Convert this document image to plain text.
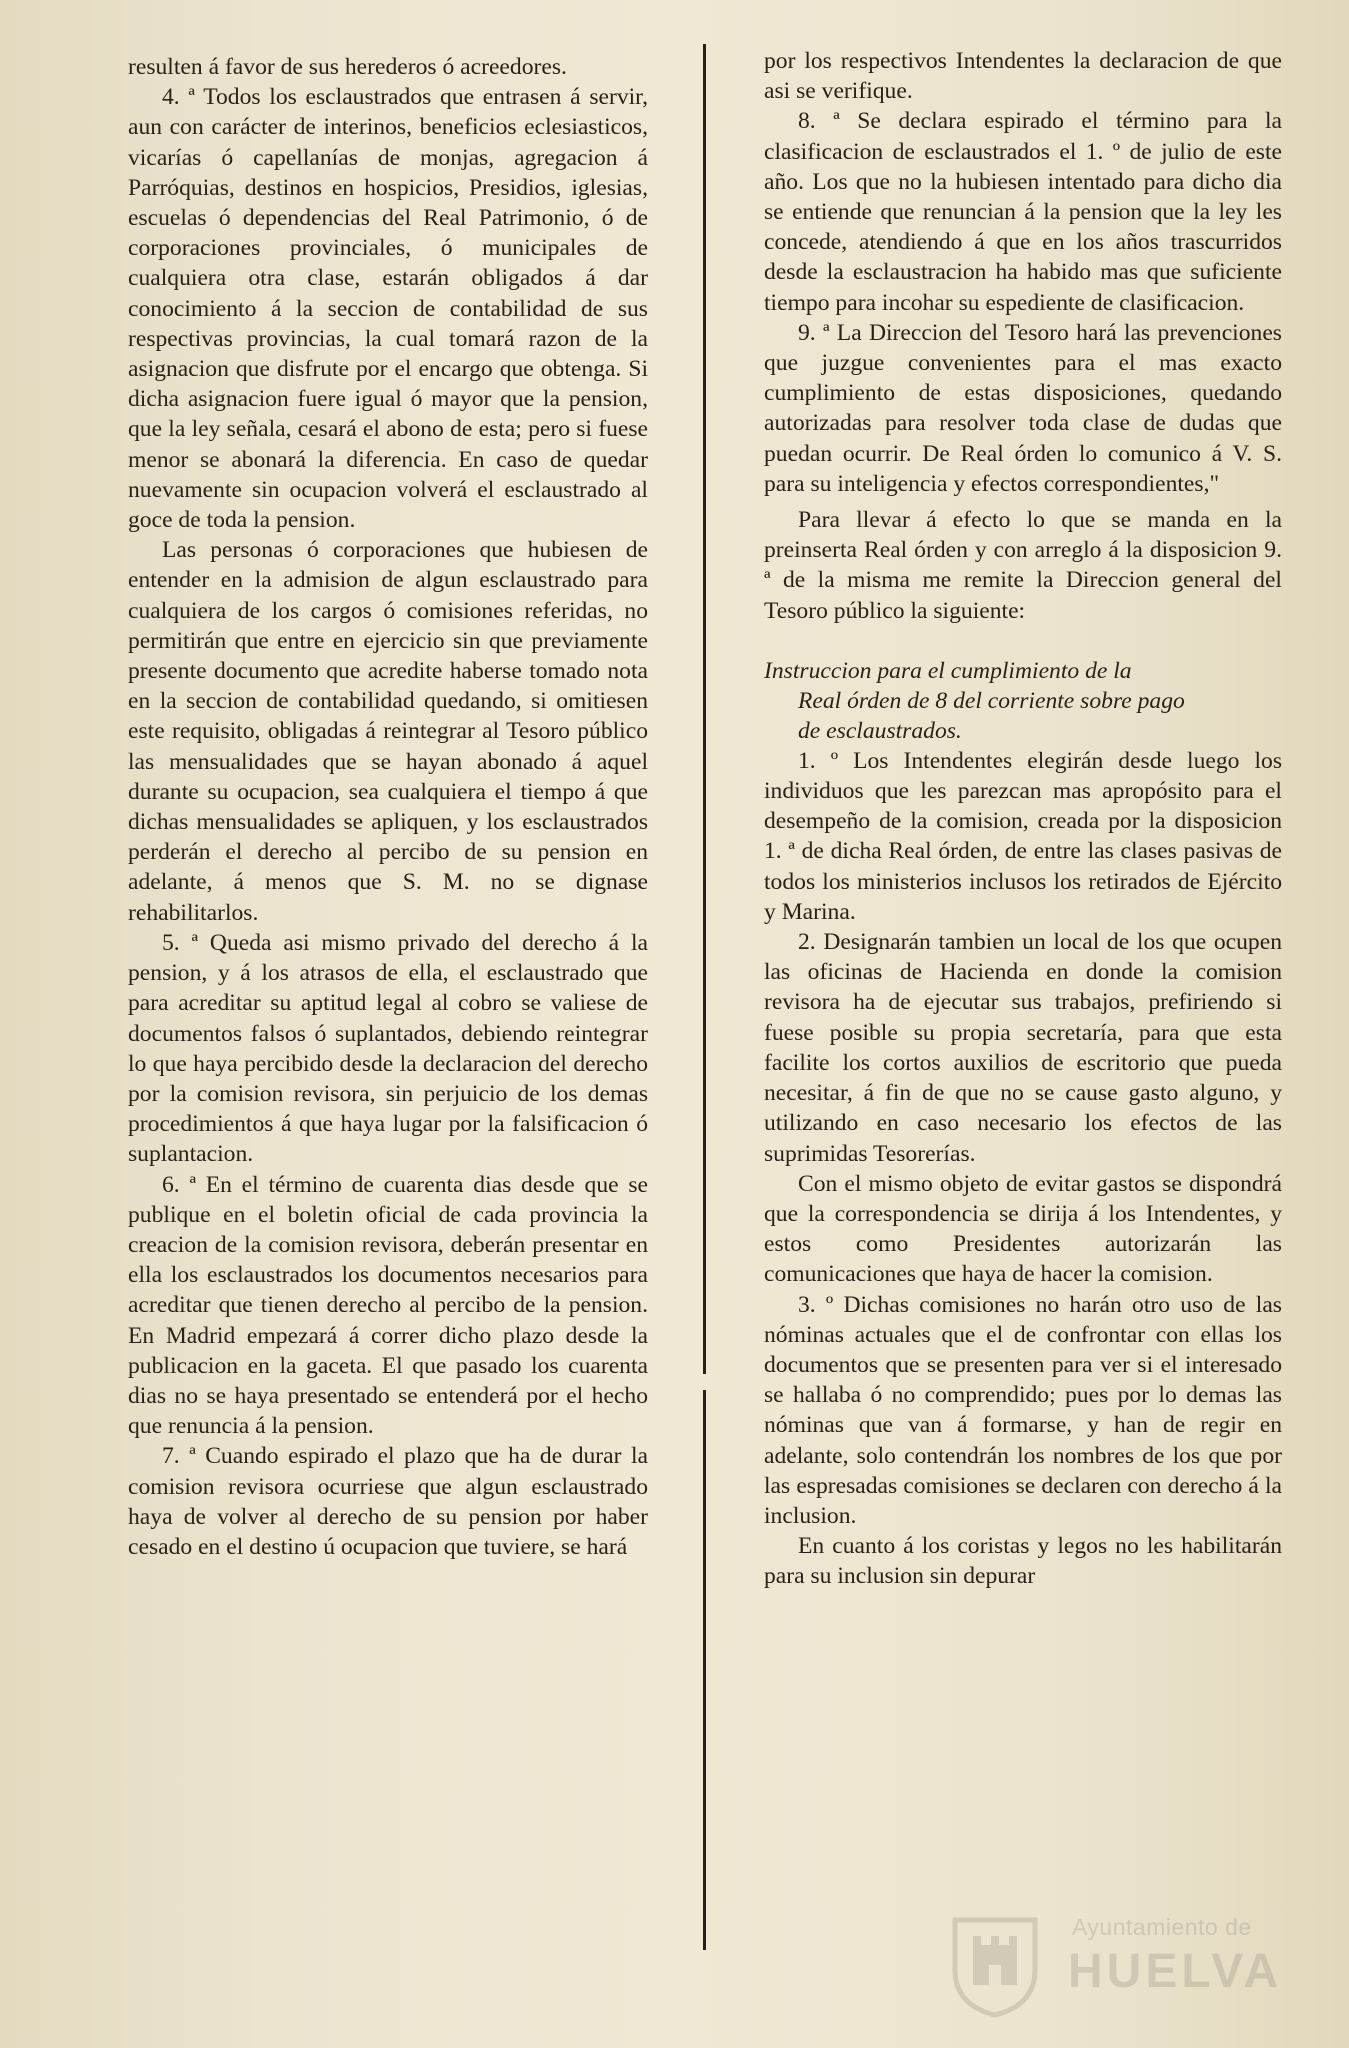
resulten á favor de sus herederos ó acreedores.

4. ª Todos los esclaustrados que entrasen á servir, aun con carácter de interinos, beneficios eclesiasticos, vicarías ó capellanías de monjas, agregacion á Parróquias, destinos en hospicios, Presidios, iglesias, escuelas ó dependencias del Real Patrimonio, ó de corporaciones provinciales, ó municipales de cualquiera otra clase, estarán obligados á dar conocimiento á la seccion de contabilidad de sus respectivas provincias, la cual tomará razon de la asignacion que disfrute por el encargo que obtenga. Si dicha asignacion fuere igual ó mayor que la pension, que la ley señala, cesará el abono de esta; pero si fuese menor se abonará la diferencia. En caso de quedar nuevamente sin ocupacion volverá el esclaustrado al goce de toda la pension.

Las personas ó corporaciones que hubiesen de entender en la admision de algun esclaustrado para cualquiera de los cargos ó comisiones referidas, no permitirán que entre en ejercicio sin que previamente presente documento que acredite haberse tomado nota en la seccion de contabilidad quedando, si omitiesen este requisito, obligadas á reintegrar al Tesoro público las mensualidades que se hayan abonado á aquel durante su ocupacion, sea cualquiera el tiempo á que dichas mensualidades se apliquen, y los esclaustrados perderán el derecho al percibo de su pension en adelante, á menos que S. M. no se dignase rehabilitarlos.

5. ª Queda asi mismo privado del derecho á la pension, y á los atrasos de ella, el esclaustrado que para acreditar su aptitud legal al cobro se valiese de documentos falsos ó suplantados, debiendo reintegrar lo que haya percibido desde la declaracion del derecho por la comision revisora, sin perjuicio de los demas procedimientos á que haya lugar por la falsificacion ó suplantacion.

6. ª En el término de cuarenta dias desde que se publique en el boletin oficial de cada provincia la creacion de la comision revisora, deberán presentar en ella los esclaustrados los documentos necesarios para acreditar que tienen derecho al percibo de la pension. En Madrid empezará á correr dicho plazo desde la publicacion en la gaceta. El que pasado los cuarenta dias no se haya presentado se entenderá por el hecho que renuncia á la pension.

7. ª Cuando espirado el plazo que ha de durar la comision revisora ocurriese que algun esclaustrado haya de volver al derecho de su pension por haber cesado en el destino ú ocupacion que tuviere, se hará

por los respectivos Intendentes la declaracion de que asi se verifique.

8. ª Se declara espirado el término para la clasificacion de esclaustrados el 1. º de julio de este año. Los que no la hubiesen intentado para dicho dia se entiende que renuncian á la pension que la ley les concede, atendiendo á que en los años trascurridos desde la esclaustracion ha habido mas que suficiente tiempo para incohar su espediente de clasificacion.

9. ª La Direccion del Tesoro hará las prevenciones que juzgue convenientes para el mas exacto cumplimiento de estas disposiciones, quedando autorizadas para resolver toda clase de dudas que puedan ocurrir. De Real órden lo comunico á V. S. para su inteligencia y efectos correspondientes,"

Para llevar á efecto lo que se manda en la preinserta Real órden y con arreglo á la disposicion 9. ª de la misma me remite la Direccion general del Tesoro público la siguiente:

Instruccion para el cumplimiento de la
Real órden de 8 del corriente sobre pago
de esclaustrados.

1. º Los Intendentes elegirán desde luego los individuos que les parezcan mas apropósito para el desempeño de la comision, creada por la disposicion 1. ª de dicha Real órden, de entre las clases pasivas de todos los ministerios inclusos los retirados de Ejército y Marina.

2. Designarán tambien un local de los que ocupen las oficinas de Hacienda en donde la comision revisora ha de ejecutar sus trabajos, prefiriendo si fuese posible su propia secretaría, para que esta facilite los cortos auxilios de escritorio que pueda necesitar, á fin de que no se cause gasto alguno, y utilizando en caso necesario los efectos de las suprimidas Tesorerías.

Con el mismo objeto de evitar gastos se dispondrá que la correspondencia se dirija á los Intendentes, y estos como Presidentes autorizarán las comunicaciones que haya de hacer la comision.

3. º Dichas comisiones no harán otro uso de las nóminas actuales que el de confrontar con ellas los documentos que se presenten para ver si el interesado se hallaba ó no comprendido; pues por lo demas las nóminas que van á formarse, y han de regir en adelante, solo contendrán los nombres de los que por las espresadas comisiones se declaren con derecho á la inclusion.

En cuanto á los coristas y legos no les habilitarán para su inclusion sin depurar

Ayuntamiento de
HUELVA
